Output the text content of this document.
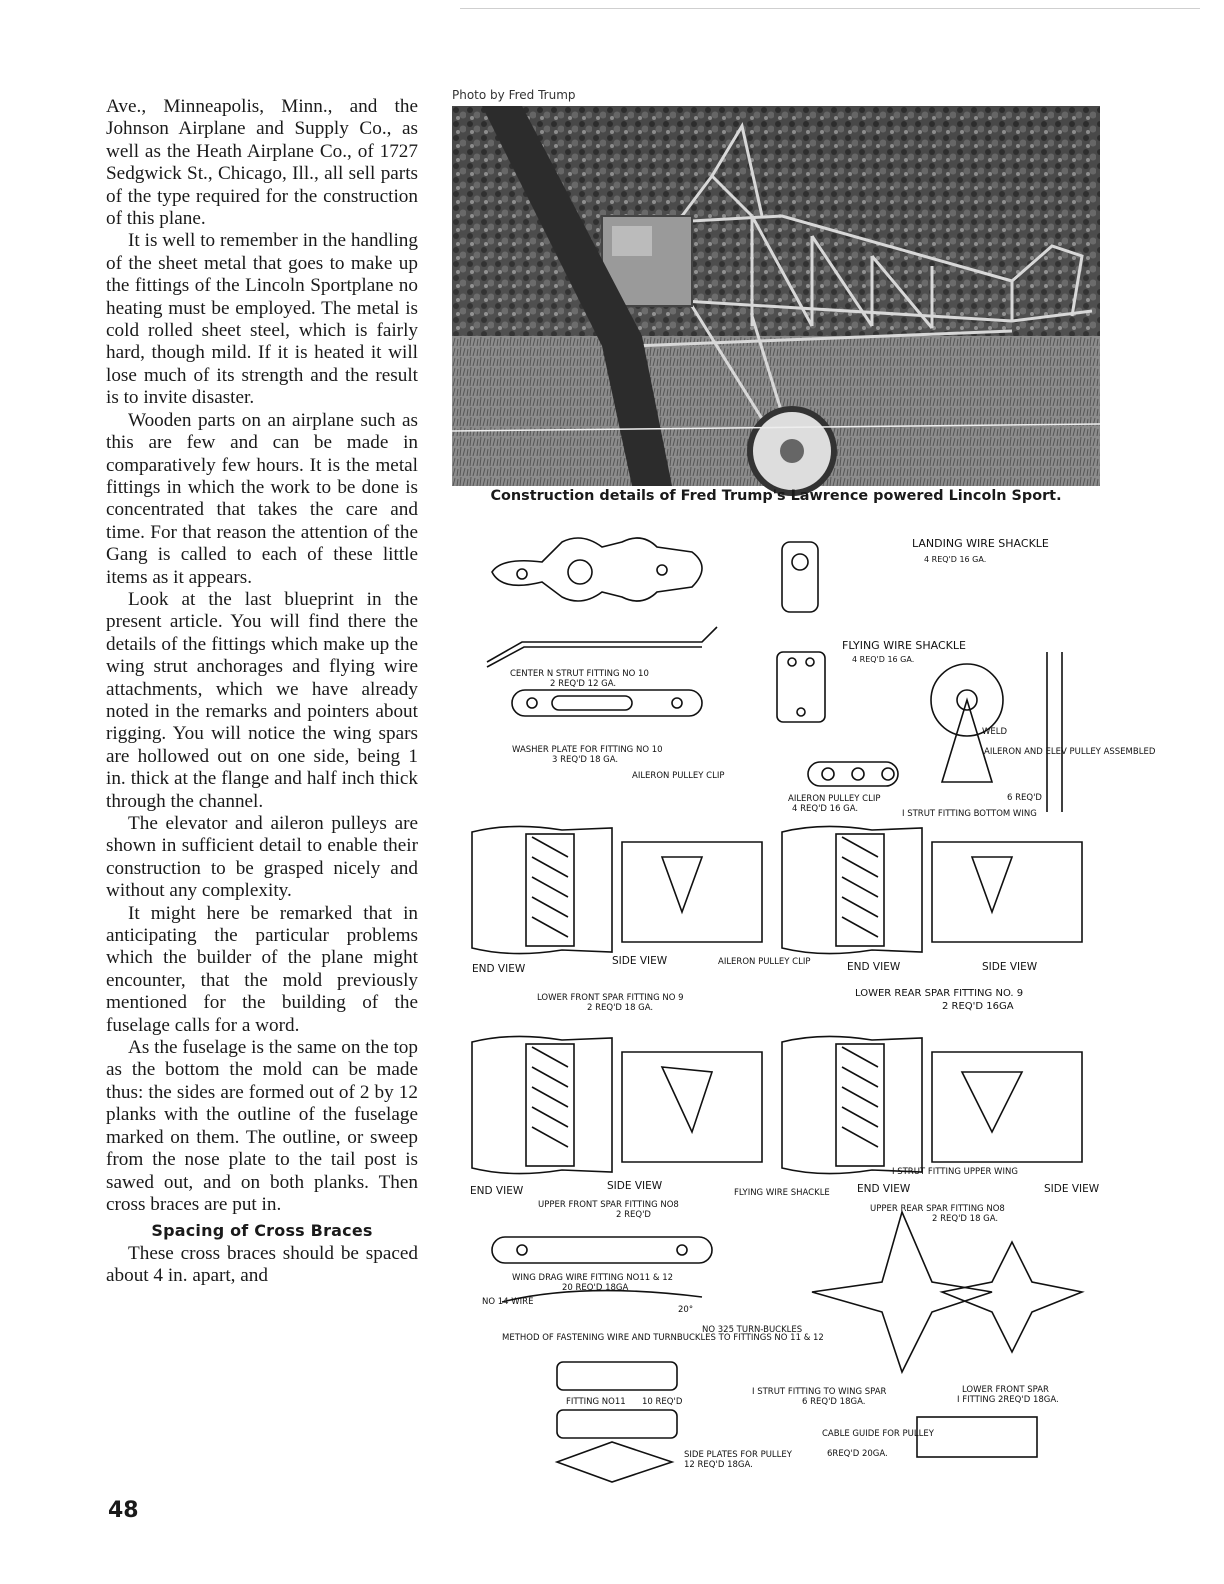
Ave., Minneapolis, Minn., and the Johnson Airplane and Supply Co., as well as the Heath Airplane Co., of 1727 Sedgwick St., Chicago, Ill., all sell parts of the type required for the construction of this plane.

It is well to remember in the handling of the sheet metal that goes to make up the fittings of the Lincoln Sportplane no heating must be employed. The metal is cold rolled sheet steel, which is fairly hard, though mild. If it is heated it will lose much of its strength and the result is to invite disaster.

Wooden parts on an airplane such as this are few and can be made in comparatively few hours. It is the metal fittings in which the work to be done is concentrated that takes the care and time. For that reason the attention of the Gang is called to each of these little items as it appears.

Look at the last blueprint in the present article. You will find there the details of the fittings which make up the wing strut anchorages and flying wire attachments, which we have already noted in the remarks and pointers about rigging. You will notice the wing spars are hollowed out on one side, being 1 in. thick at the flange and half inch thick through the channel.

The elevator and aileron pulleys are shown in sufficient detail to enable their construction to be grasped nicely and without any complexity.

It might here be remarked that in anticipating the particular problems which the builder of the plane might encounter, that the mold previously mentioned for the building of the fuselage calls for a word.

As the fuselage is the same on the top as the bottom the mold can be made thus: the sides are formed out of 2 by 12 planks with the outline of the fuselage marked on them. The outline, or sweep from the nose plate to the tail post is sawed out, and on both planks. Then cross braces are put in.

Spacing of Cross Braces

These cross braces should be spaced about 4 in. apart, and

48
Photo by Fred Trump
Construction details of Fred Trump's Lawrence powered Lincoln Sport.
LANDING WIRE SHACKLE
4 REQ'D 16 GA.
FLYING WIRE SHACKLE
4 REQ'D 16 GA.
CENTER N STRUT FITTING NO 10
2 REQ'D 12 GA.
WASHER PLATE FOR FITTING NO 10
3 REQ'D 18 GA.
AILERON PULLEY CLIP
WELD
AILERON AND ELEV PULLEY ASSEMBLED
6 REQ'D
AILERON PULLEY CLIP
4 REQ'D 16 GA.	I STRUT FITTING BOTTOM WING
END VIEW
SIDE VIEW	AILERON PULLEY CLIP	END VIEW	SIDE VIEW
LOWER FRONT SPAR FITTING NO 9
2 REQ'D 18 GA.
LOWER REAR SPAR FITTING NO. 9
2 REQ'D 16GA
END VIEW	SIDE VIEW
FLYING WIRE SHACKLE
UPPER FRONT SPAR FITTING NO8
2 REQ'D
I STRUT FITTING UPPER WING
END VIEW	SIDE VIEW
UPPER REAR SPAR FITTING NO8
2 REQ'D 18 GA.
WING DRAG WIRE FITTING NO11 & 12
20 REQ'D 18GA
NO 14 WIRE
METHOD OF FASTENING WIRE AND TURNBUCKLES TO FITTINGS NO 11 & 12
20°
NO 325 TURN-BUCKLES
FITTING NO11 10 REQ'D
SIDE PLATES FOR PULLEY
12 REQ'D 18GA.
I STRUT FITTING TO WING SPAR
6 REQ'D 18GA.
LOWER FRONT SPAR
I FITTING 2REQ'D 18GA.
CABLE GUIDE FOR PULLEY
6REQ'D 20GA.
